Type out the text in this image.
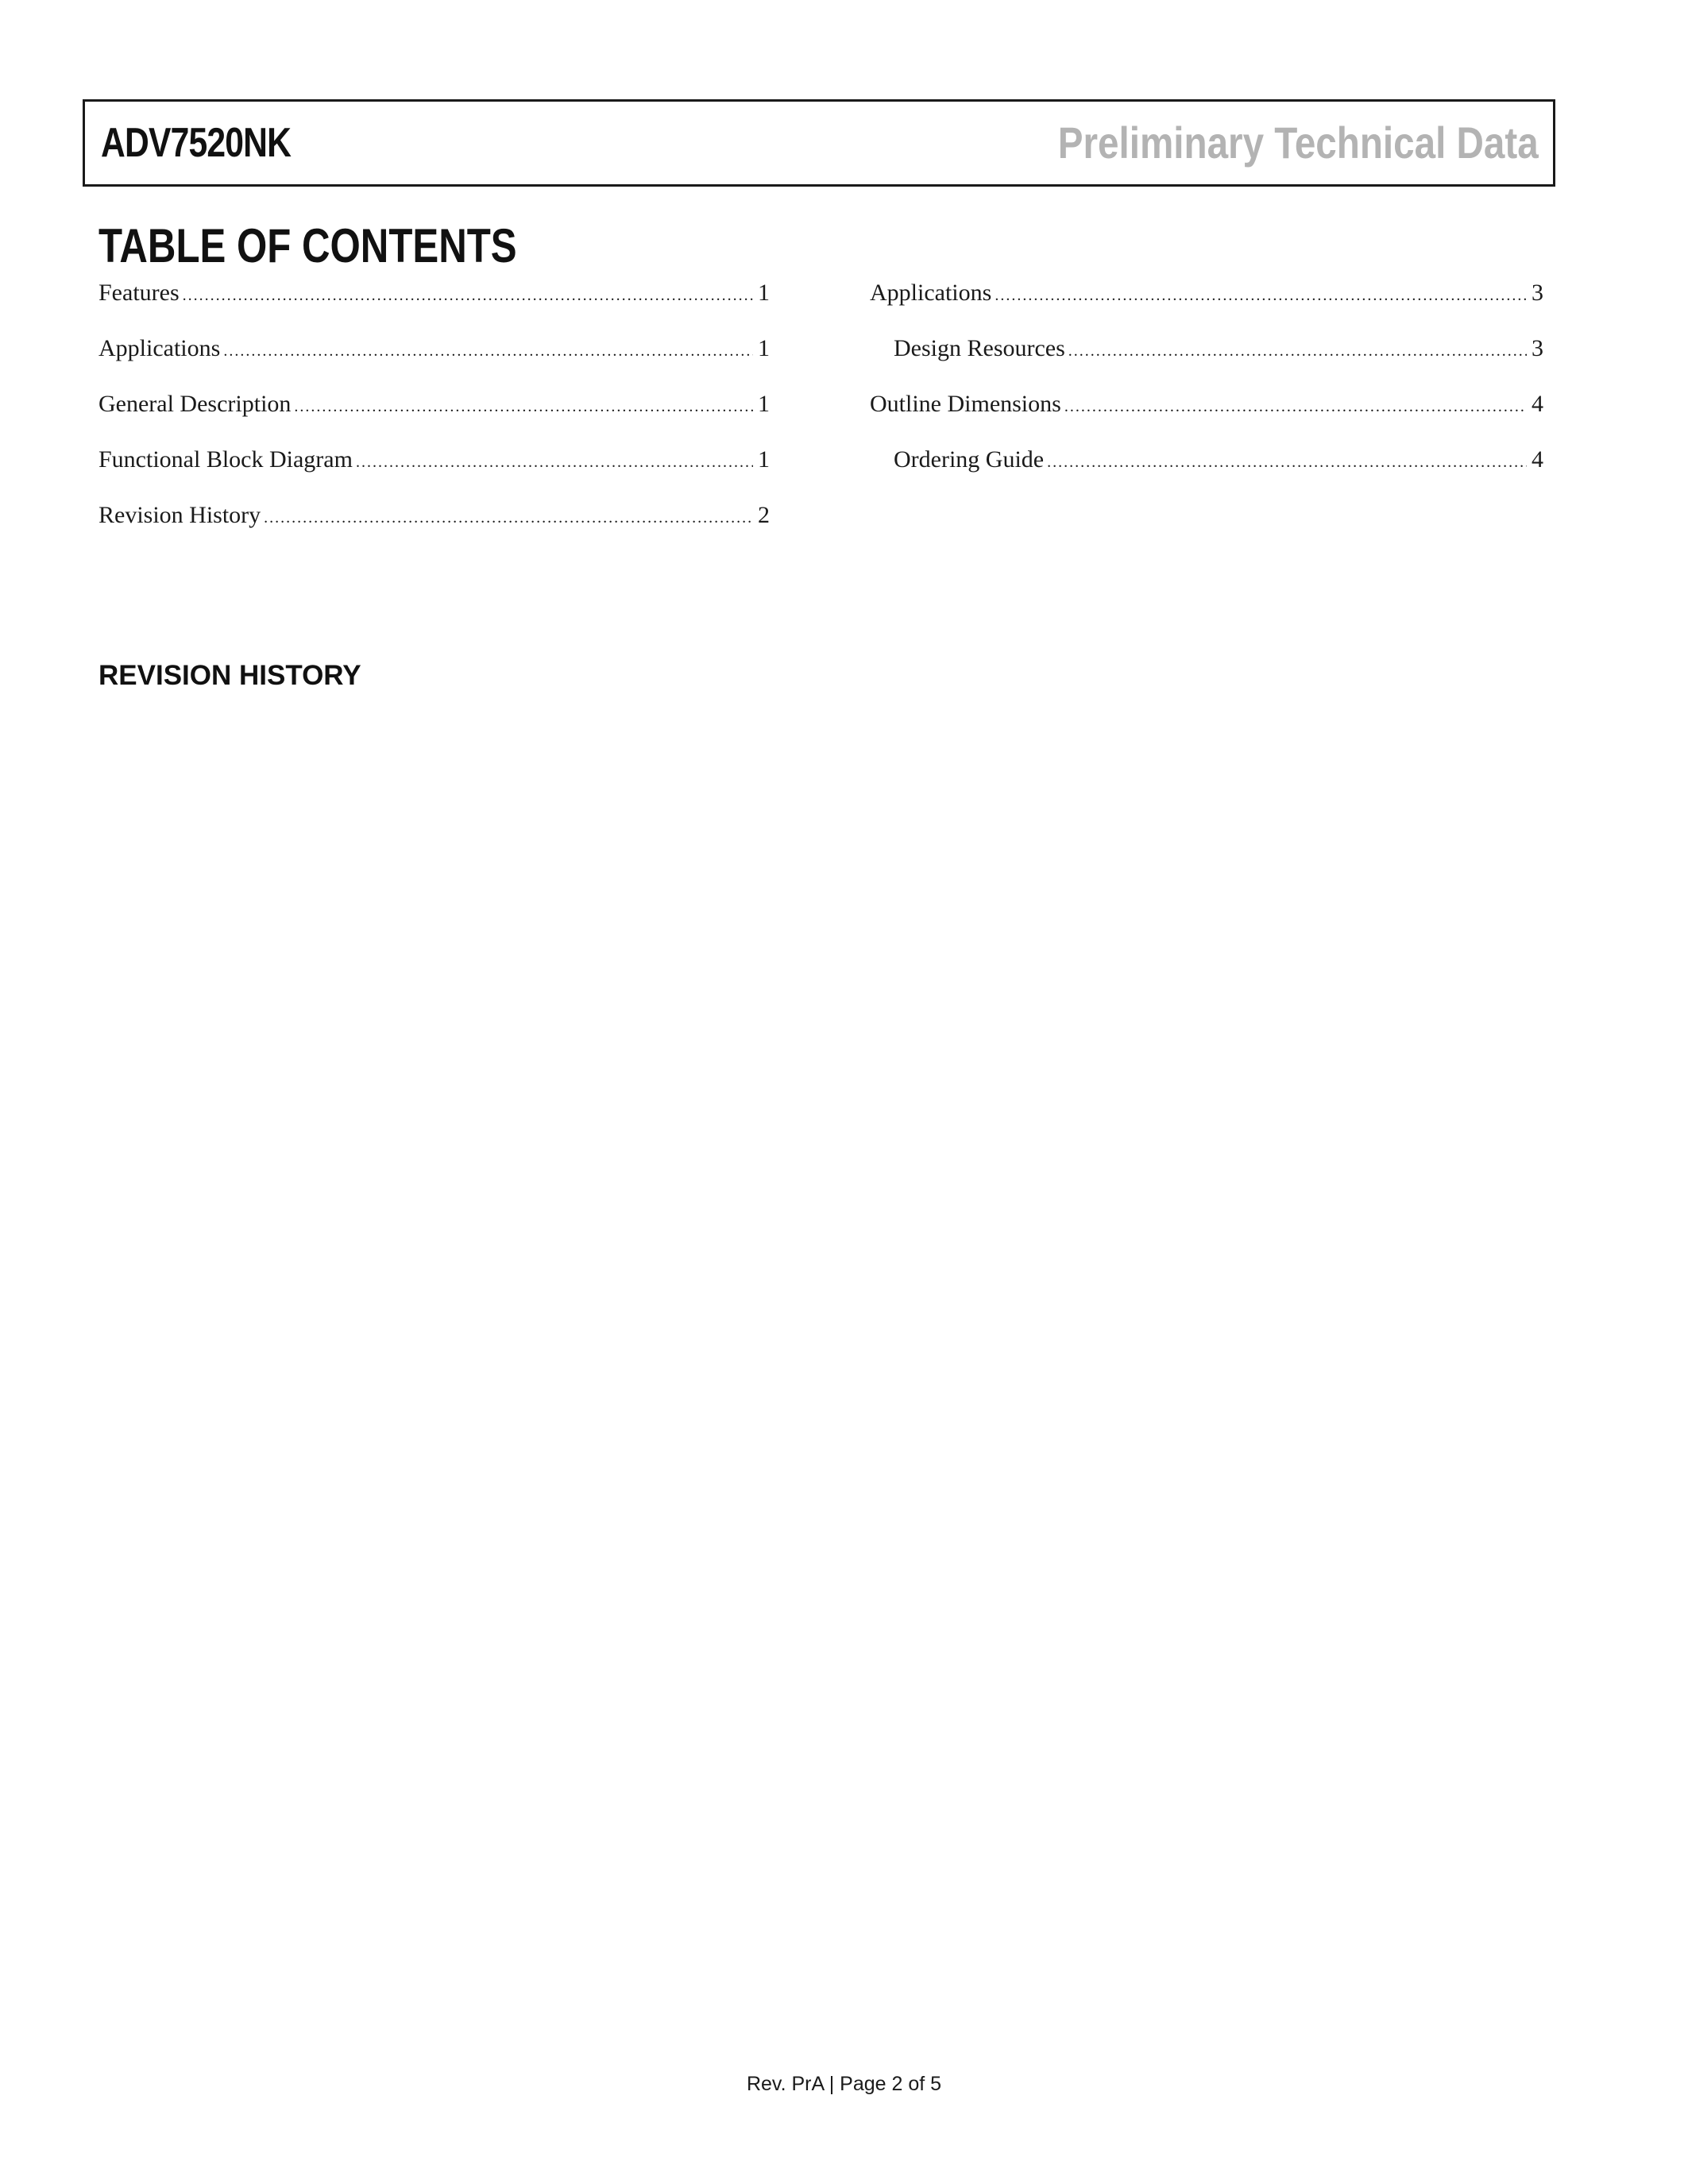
ADV7520NK	Preliminary Technical Data
TABLE OF CONTENTS
Features .....	1
Applications .....	1
General Description .....	1
Functional Block Diagram .....	1
Revision History .....	2
Applications .....	3
Design Resources .....	3
Outline Dimensions .....	4
Ordering Guide .....	4
REVISION HISTORY
Rev. PrA | Page 2 of 5
